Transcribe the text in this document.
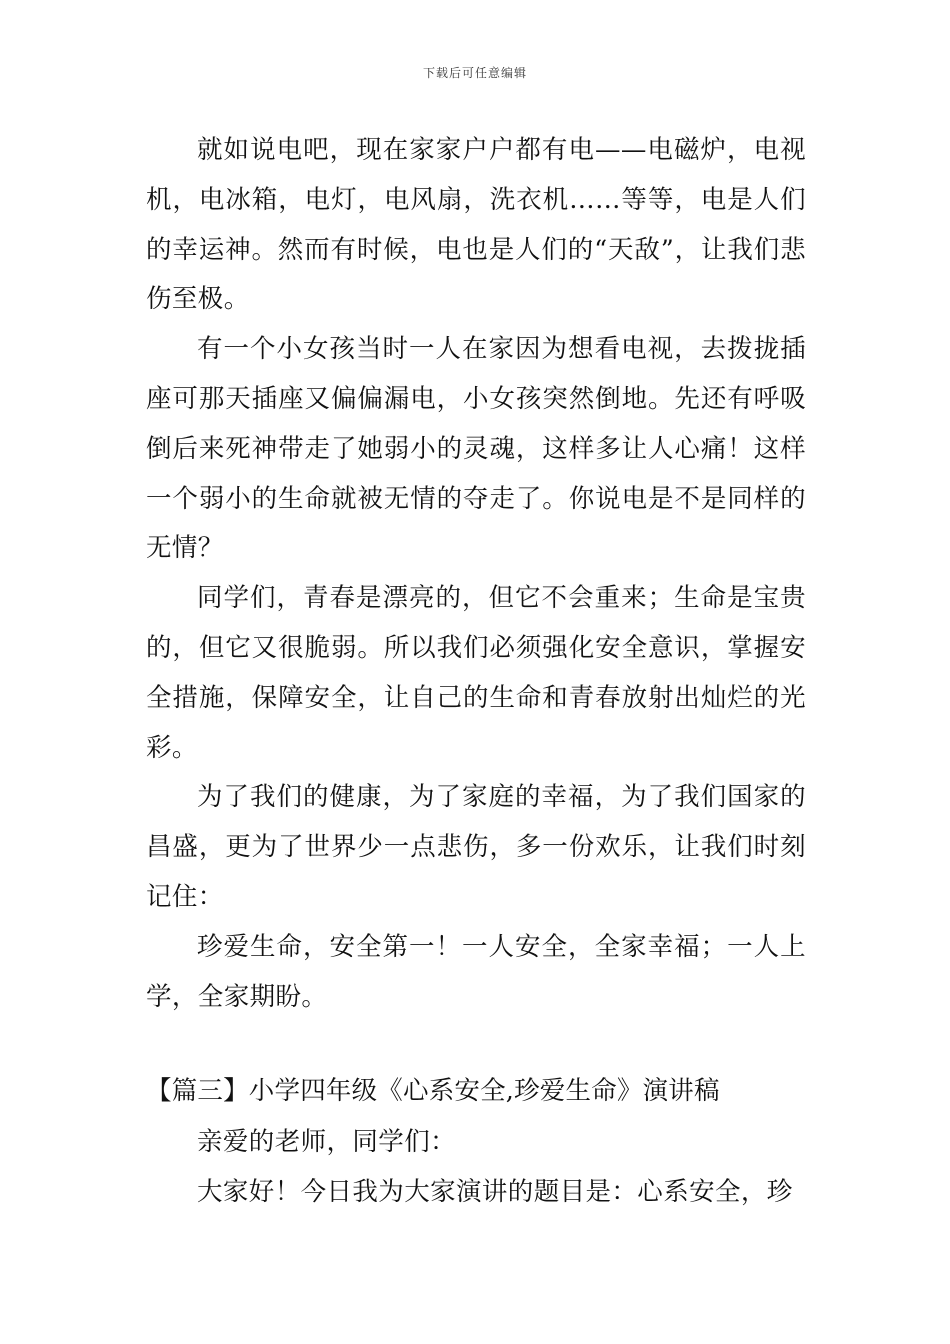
下载后可任意编辑

就如说电吧，现在家家户户都有电——电磁炉，电视机，电冰箱，电灯，电风扇，洗衣机……等等，电是人们的幸运神。然而有时候，电也是人们的“天敌”，让我们悲伤至极。

有一个小女孩当时一人在家因为想看电视，去拨拢插座可那天插座又偏偏漏电，小女孩突然倒地。先还有呼吸倒后来死神带走了她弱小的灵魂，这样多让人心痛！这样一个弱小的生命就被无情的夺走了。你说电是不是同样的无情？

同学们，青春是漂亮的，但它不会重来；生命是宝贵的，但它又很脆弱。所以我们必须强化安全意识，掌握安全措施，保障安全，让自己的生命和青春放射出灿烂的光彩。

为了我们的健康，为了家庭的幸福，为了我们国家的昌盛，更为了世界少一点悲伤，多一份欢乐，让我们时刻记住：

珍爱生命，安全第一！一人安全，全家幸福；一人上学，全家期盼。

【篇三】小学四年级《心系安全,珍爱生命》演讲稿

亲爱的老师，同学们：

大家好！今日我为大家演讲的题目是：心系安全，珍
